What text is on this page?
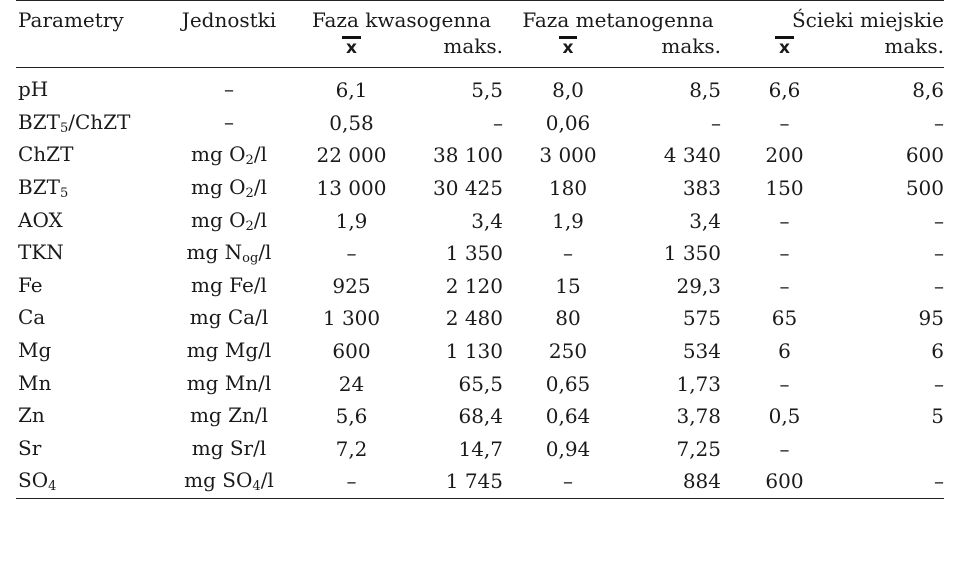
Parametry	Jednostki	Faza kwasogenna		Faza metanogenna		Ścieki miejskie	
		x	maks.	x	maks.	x	maks.
pH	–	6,1	5,5	8,0	8,5	6,6	8,6
$BZT_5$/ChZT	–	0,58	–	0,06	–	–	–
ChZT	mg $O_2/l$	22 000	38 100	3 000	4 340	200	600
$BZT_5$	mg $O_2/l$	13 000	30 425	180	383	150	500
AOX	mg $O_2/l$	1,9	3,4	1,9	3,4	–	–
TKN	mg $N_{og}/l$	–	1 350	–	1 350	–	–
Fe	mg Fe/l	925	2 120	15	29,3	–	–
Ca	mg Ca/l	1 300	2 480	80	575	65	95
Mg	mg Mg/l	600	1 130	250	534	6	6
Mn	mg Mn/l	24	65,5	0,65	1,73	–	–
Zn	mg Zn/l	5,6	68,4	0,64	3,78	0,5	5
Sr	mg Sr/l	7,2	14,7	0,94	7,25	–	
$SO_4$	mg $SO_4/l$	–	1 745	–	884	600	–
